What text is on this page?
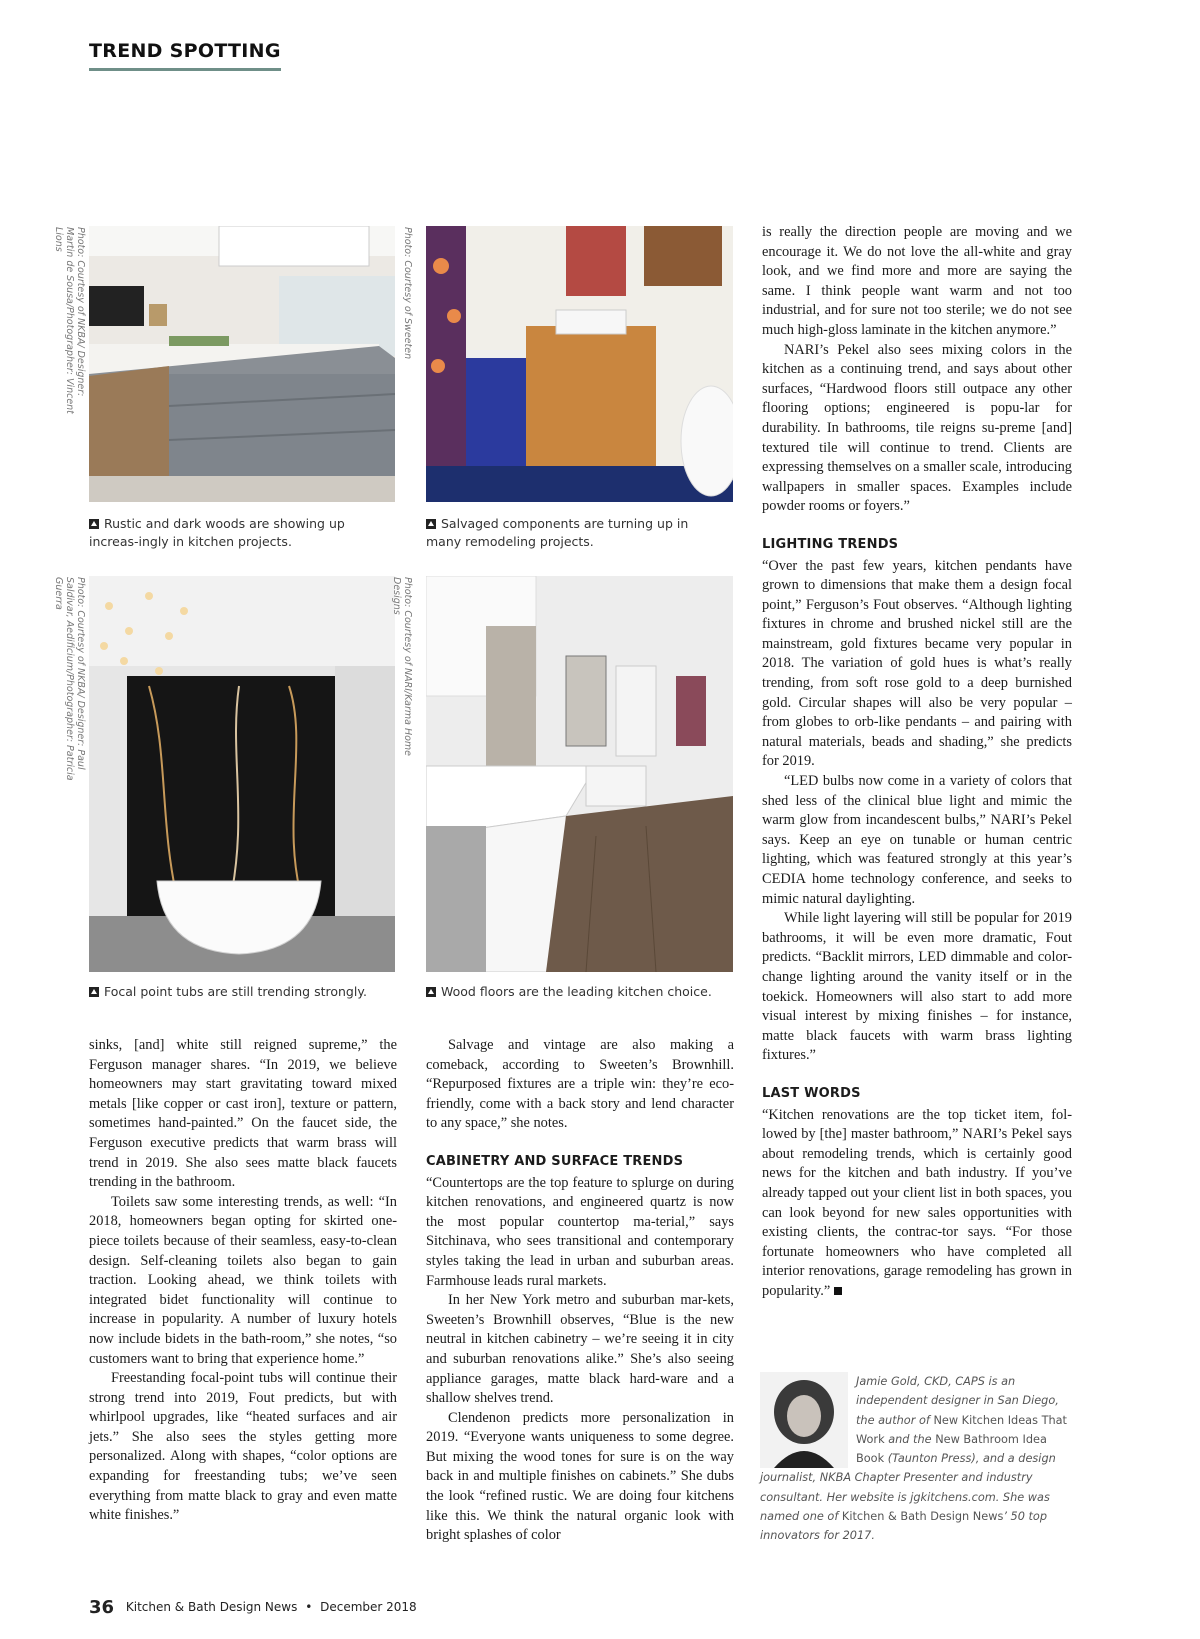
TREND SPOTTING
Photo: Courtesy of NKBA/ Designer: Martin de Sousa/Photographer: Vincent Lions
Rustic and dark woods are showing up increas-ingly in kitchen projects.
Photo: Courtesy of Sweeten
Salvaged components are turning up in many remodeling projects.
Photo: Courtesy of NKBA/ Designer: Paul Saldivar, Aedificium/Photographer: Patricia Guerra
Focal point tubs are still trending strongly.
Photo: Courtesy of NARI/Karma Home Designs
Wood floors are the leading kitchen choice.

sinks, [and] white still reigned supreme,” the Ferguson manager shares. “In 2019, we believe homeowners may start gravitating toward mixed metals [like copper or cast iron], texture or pattern, sometimes hand-painted.” On the faucet side, the Ferguson executive predicts that warm brass will trend in 2019. She also sees matte black faucets trending in the bathroom.

Toilets saw some interesting trends, as well: “In 2018, homeowners began opting for skirted one-piece toilets because of their seamless, easy-to-clean design. Self-cleaning toilets also began to gain traction. Looking ahead, we think toilets with integrated bidet functionality will continue to increase in popularity. A number of luxury hotels now include bidets in the bath-room,” she notes, “so customers want to bring that experience home.”

Freestanding focal-point tubs will continue their strong trend into 2019, Fout predicts, but with whirlpool upgrades, like “heated surfaces and air jets.” She also sees the styles getting more personalized. Along with shapes, “color options are expanding for freestanding tubs; we’ve seen everything from matte black to gray and even matte white finishes.”

Salvage and vintage are also making a comeback, according to Sweeten’s Brownhill. “Repurposed fixtures are a triple win: they’re eco-friendly, come with a back story and lend character to any space,” she notes.

CABINETRY AND SURFACE TRENDS

“Countertops are the top feature to splurge on during kitchen renovations, and engineered quartz is now the most popular countertop ma-terial,” says Sitchinava, who sees transitional and contemporary styles taking the lead in urban and suburban areas. Farmhouse leads rural markets.

In her New York metro and suburban mar-kets, Sweeten’s Brownhill observes, “Blue is the new neutral in kitchen cabinetry – we’re seeing it in city and suburban renovations alike.” She’s also seeing appliance garages, matte black hard-ware and a shallow shelves trend.

Clendenon predicts more personalization in 2019. “Everyone wants uniqueness to some degree. But mixing the wood tones for sure is on the way back in and multiple finishes on cabinets.” She dubs the look “refined rustic. We are doing four kitchens like this. We think the natural organic look with bright splashes of color

is really the direction people are moving and we encourage it. We do not love the all-white and gray look, and we find more and more are saying the same. I think people want warm and not too industrial, and for sure not too sterile; we do not see much high-gloss laminate in the kitchen anymore.”

NARI’s Pekel also sees mixing colors in the kitchen as a continuing trend, and says about other surfaces, “Hardwood floors still outpace any other flooring options; engineered is popu-lar for durability. In bathrooms, tile reigns su-preme [and] textured tile will continue to trend. Clients are expressing themselves on a smaller scale, introducing wallpapers in smaller spaces. Examples include powder rooms or foyers.”

LIGHTING TRENDS

“Over the past few years, kitchen pendants have grown to dimensions that make them a design focal point,” Ferguson’s Fout observes. “Although lighting fixtures in chrome and brushed nickel still are the mainstream, gold fixtures became very popular in 2018. The variation of gold hues is what’s really trending, from soft rose gold to a deep burnished gold. Circular shapes will also be very popular – from globes to orb-like pendants – and pairing with natural materials, beads and shading,” she predicts for 2019.

“LED bulbs now come in a variety of colors that shed less of the clinical blue light and mimic the warm glow from incandescent bulbs,” NARI’s Pekel says. Keep an eye on tunable or human centric lighting, which was featured strongly at this year’s CEDIA home technology conference, and seeks to mimic natural daylighting.

While light layering will still be popular for 2019 bathrooms, it will be even more dramatic, Fout predicts. “Backlit mirrors, LED dimmable and color-change lighting around the vanity itself or in the toekick. Homeowners will also start to add more visual interest by mixing finishes – for instance, matte black faucets with warm brass lighting fixtures.”

LAST WORDS

“Kitchen renovations are the top ticket item, fol-lowed by [the] master bathroom,” NARI’s Pekel says about remodeling trends, which is certainly good news for the kitchen and bath industry. If you’ve already tapped out your client list in both spaces, you can look beyond for new sales opportunities with existing clients, the contrac-tor says. “For those fortunate homeowners who have completed all interior renovations, garage remodeling has grown in popularity.”

Jamie Gold, CKD, CAPS is an independent designer in San Diego, the author of New Kitchen Ideas That Work and the New Bathroom Idea Book (Taunton Press), and a design journalist, NKBA Chapter Presenter and industry consultant. Her website is jgkitchens.com. She was named one of Kitchen & Bath Design News’ 50 top innovators for 2017.
36 Kitchen & Bath Design News • December 2018
